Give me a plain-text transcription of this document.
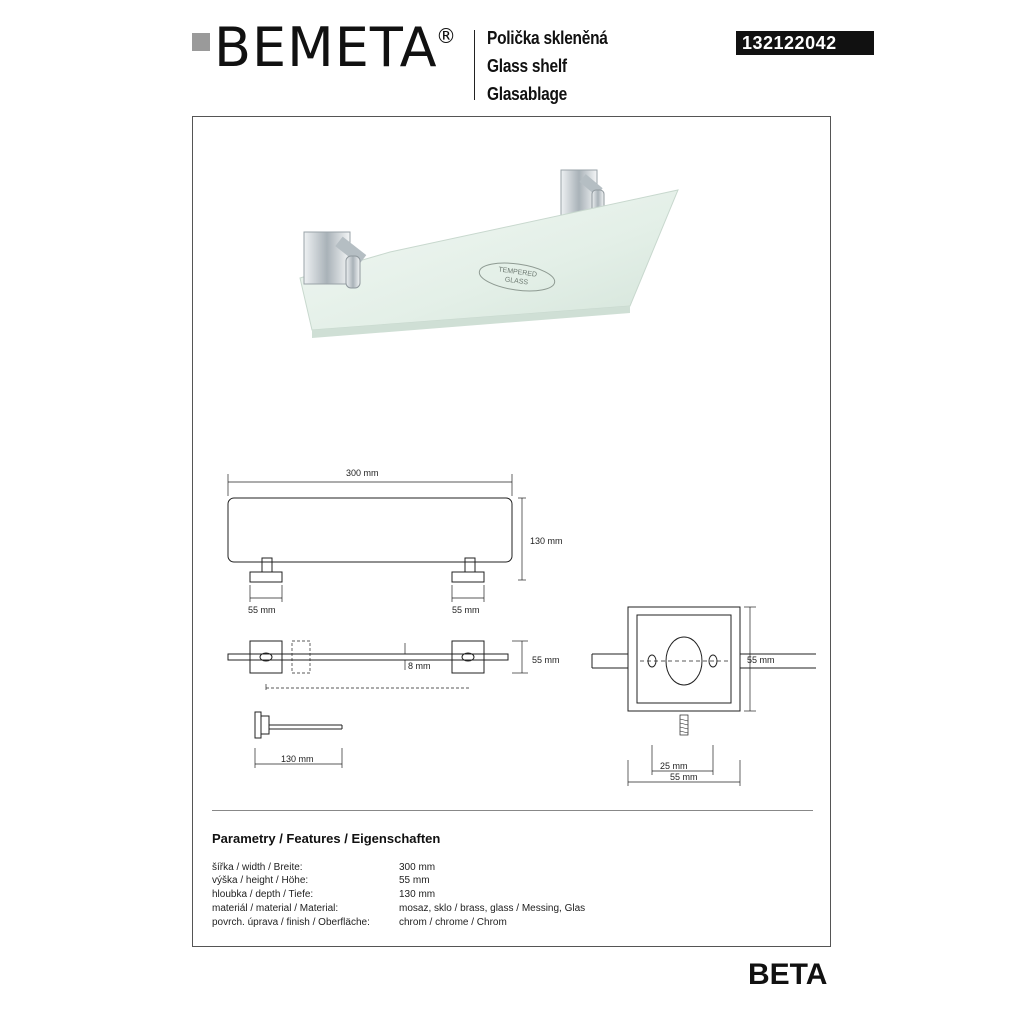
BEMETA
® Polička skleněná
Glass shelf
Glasablage
132122042
TEMPERED
GLASS
300 mm
130 mm
55 mm	55 mm
55 mm
8 mm
130 mm
55 mm
25 mm
55 mm
Parametry / Features / Eigenschaften
šířka / width / Breite:	300 mm
výška / height / Höhe:	55 mm
hloubka / depth / Tiefe:	130 mm
materiál / material / Material:	mosaz, sklo / brass, glass / Messing, Glas
povrch. úprava / finish / Oberfläche:	chrom / chrome / Chrom
BETA
